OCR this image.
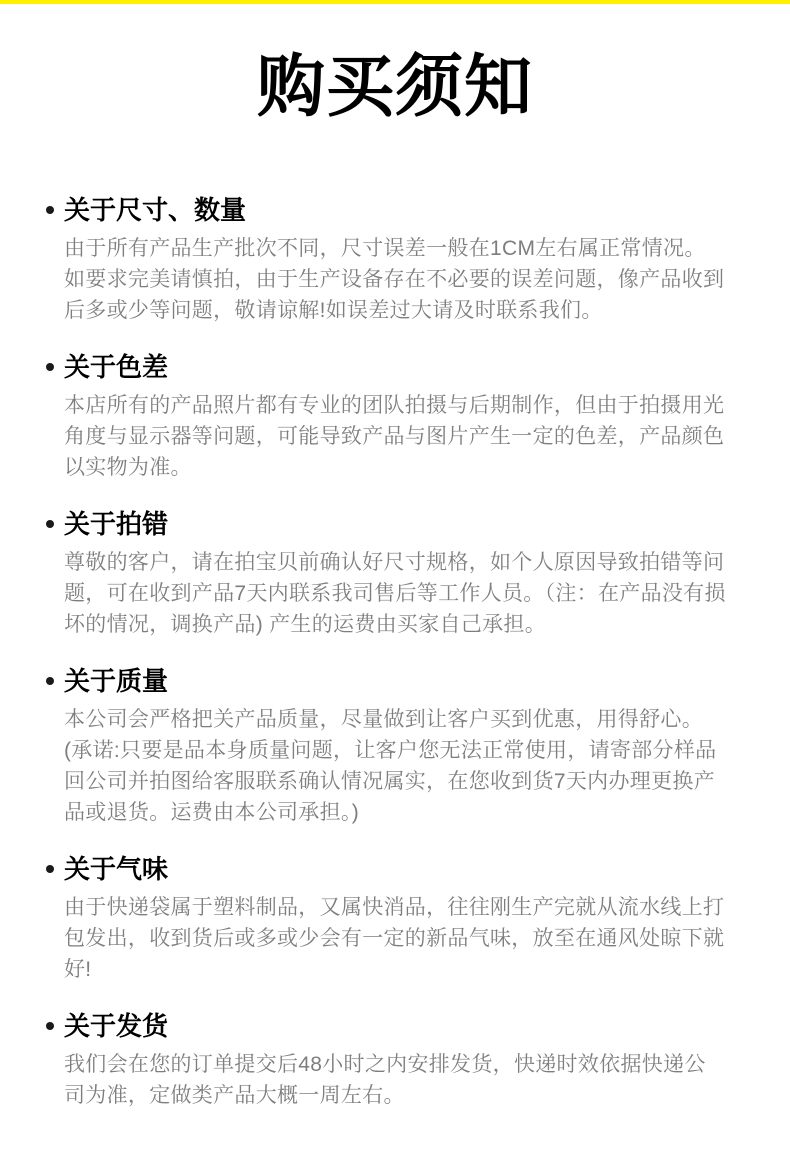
购买须知
关于尺寸、数量

由于所有产品生产批次不同，尺寸误差一般在1CM左右属正常情况。如要求完美请慎拍，由于生产设备存在不必要的误差问题，像产品收到后多或少等问题，敬请谅解!如误差过大请及时联系我们。

关于色差

本店所有的产品照片都有专业的团队拍摄与后期制作，但由于拍摄用光角度与显示器等问题，可能导致产品与图片产生一定的色差，产品颜色以实物为准。

关于拍错

尊敬的客户，请在拍宝贝前确认好尺寸规格，如个人原因导致拍错等问题，可在收到产品7天内联系我司售后等工作人员。（注：在产品没有损坏的情况，调换产品) 产生的运费由买家自己承担。

关于质量

本公司会严格把关产品质量，尽量做到让客户买到优惠，用得舒心。(承诺:只要是品本身质量问题，让客户您无法正常使用，请寄部分样品回公司并拍图给客服联系确认情况属实，在您收到货7天内办理更换产品或退货。运费由本公司承担。)

关于气味

由于快递袋属于塑料制品，又属快消品，往往刚生产完就从流水线上打包发出，收到货后或多或少会有一定的新品气味，放至在通风处晾下就好!

关于发货

我们会在您的订单提交后48小时之内安排发货，快递时效依据快递公司为准，定做类产品大概一周左右。
